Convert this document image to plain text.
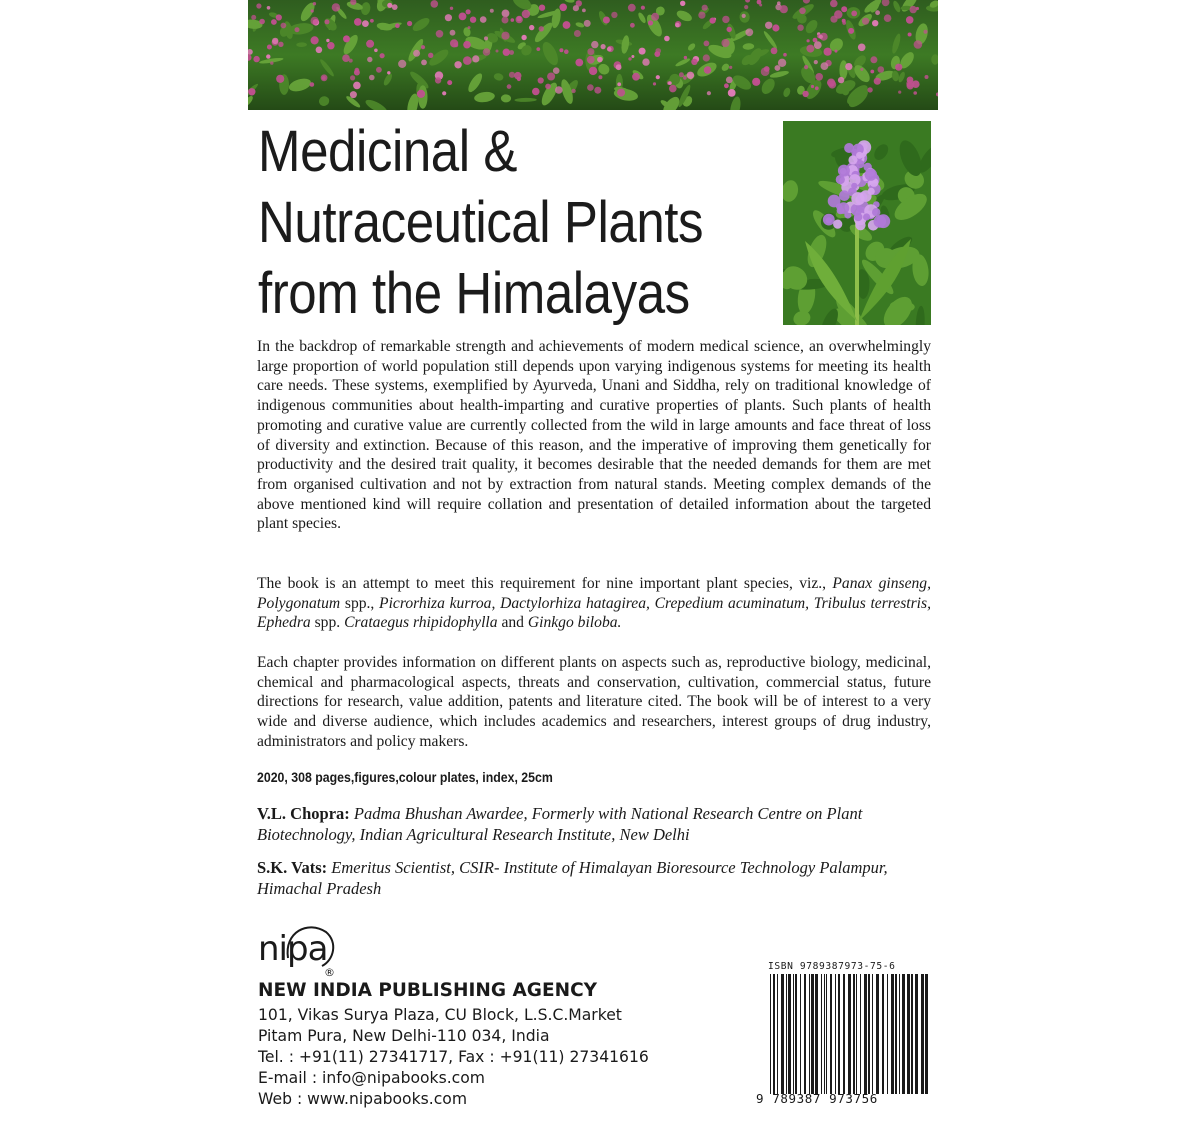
Medicinal &
Nutraceutical Plants
from the Himalayas

In the backdrop of remarkable strength and achievements of modern medical science, an overwhelmingly large proportion of world population still depends upon varying indigenous systems for meeting its health care needs. These systems, exemplified by Ayurveda, Unani and Siddha, rely on traditional knowledge of indigenous communities about health-imparting and curative properties of plants. Such plants of health promoting and curative value are currently collected from the wild in large amounts and face threat of loss of diversity and extinction. Because of this reason, and the imperative of improving them genetically for productivity and the desired trait quality, it becomes desirable that the needed demands for them are met from organised cultivation and not by extraction from natural stands. Meeting complex demands of the above mentioned kind will require collation and presentation of detailed information about the targeted plant species.

The book is an attempt to meet this requirement for nine important plant species, viz., Panax ginseng, Polygonatum spp., Picrorhiza kurroa, Dactylorhiza hatagirea, Crepedium acuminatum, Tribulus terrestris, Ephedra spp. Crataegus rhipidophylla and Ginkgo biloba.

Each chapter provides information on different plants on aspects such as, reproductive biology, medicinal, chemical and pharmacological aspects, threats and conservation, cultivation, commercial status, future directions for research, value addition, patents and literature cited. The book will be of interest to a very wide and diverse audience, which includes academics and researchers, interest groups of drug industry, administrators and policy makers.

2020, 308 pages,figures,colour plates, index, 25cm

V.L. Chopra: Padma Bhushan Awardee, Formerly with National Research Centre on Plant Biotechnology, Indian Agricultural Research Institute, New Delhi

S.K. Vats: Emeritus Scientist, CSIR- Institute of Himalayan Bioresource Technology Palampur, Himachal Pradesh

nipa
®

NEW INDIA PUBLISHING AGENCY

101, Vikas Surya Plaza, CU Block, L.S.C.Market

Pitam Pura, New Delhi-110 034, India

Tel. : +91(11) 27341717, Fax : +91(11) 27341616

E-mail : info@nipabooks.com

Web : www.nipabooks.com

ISBN 9789387973-75-6

9 789387 973756
